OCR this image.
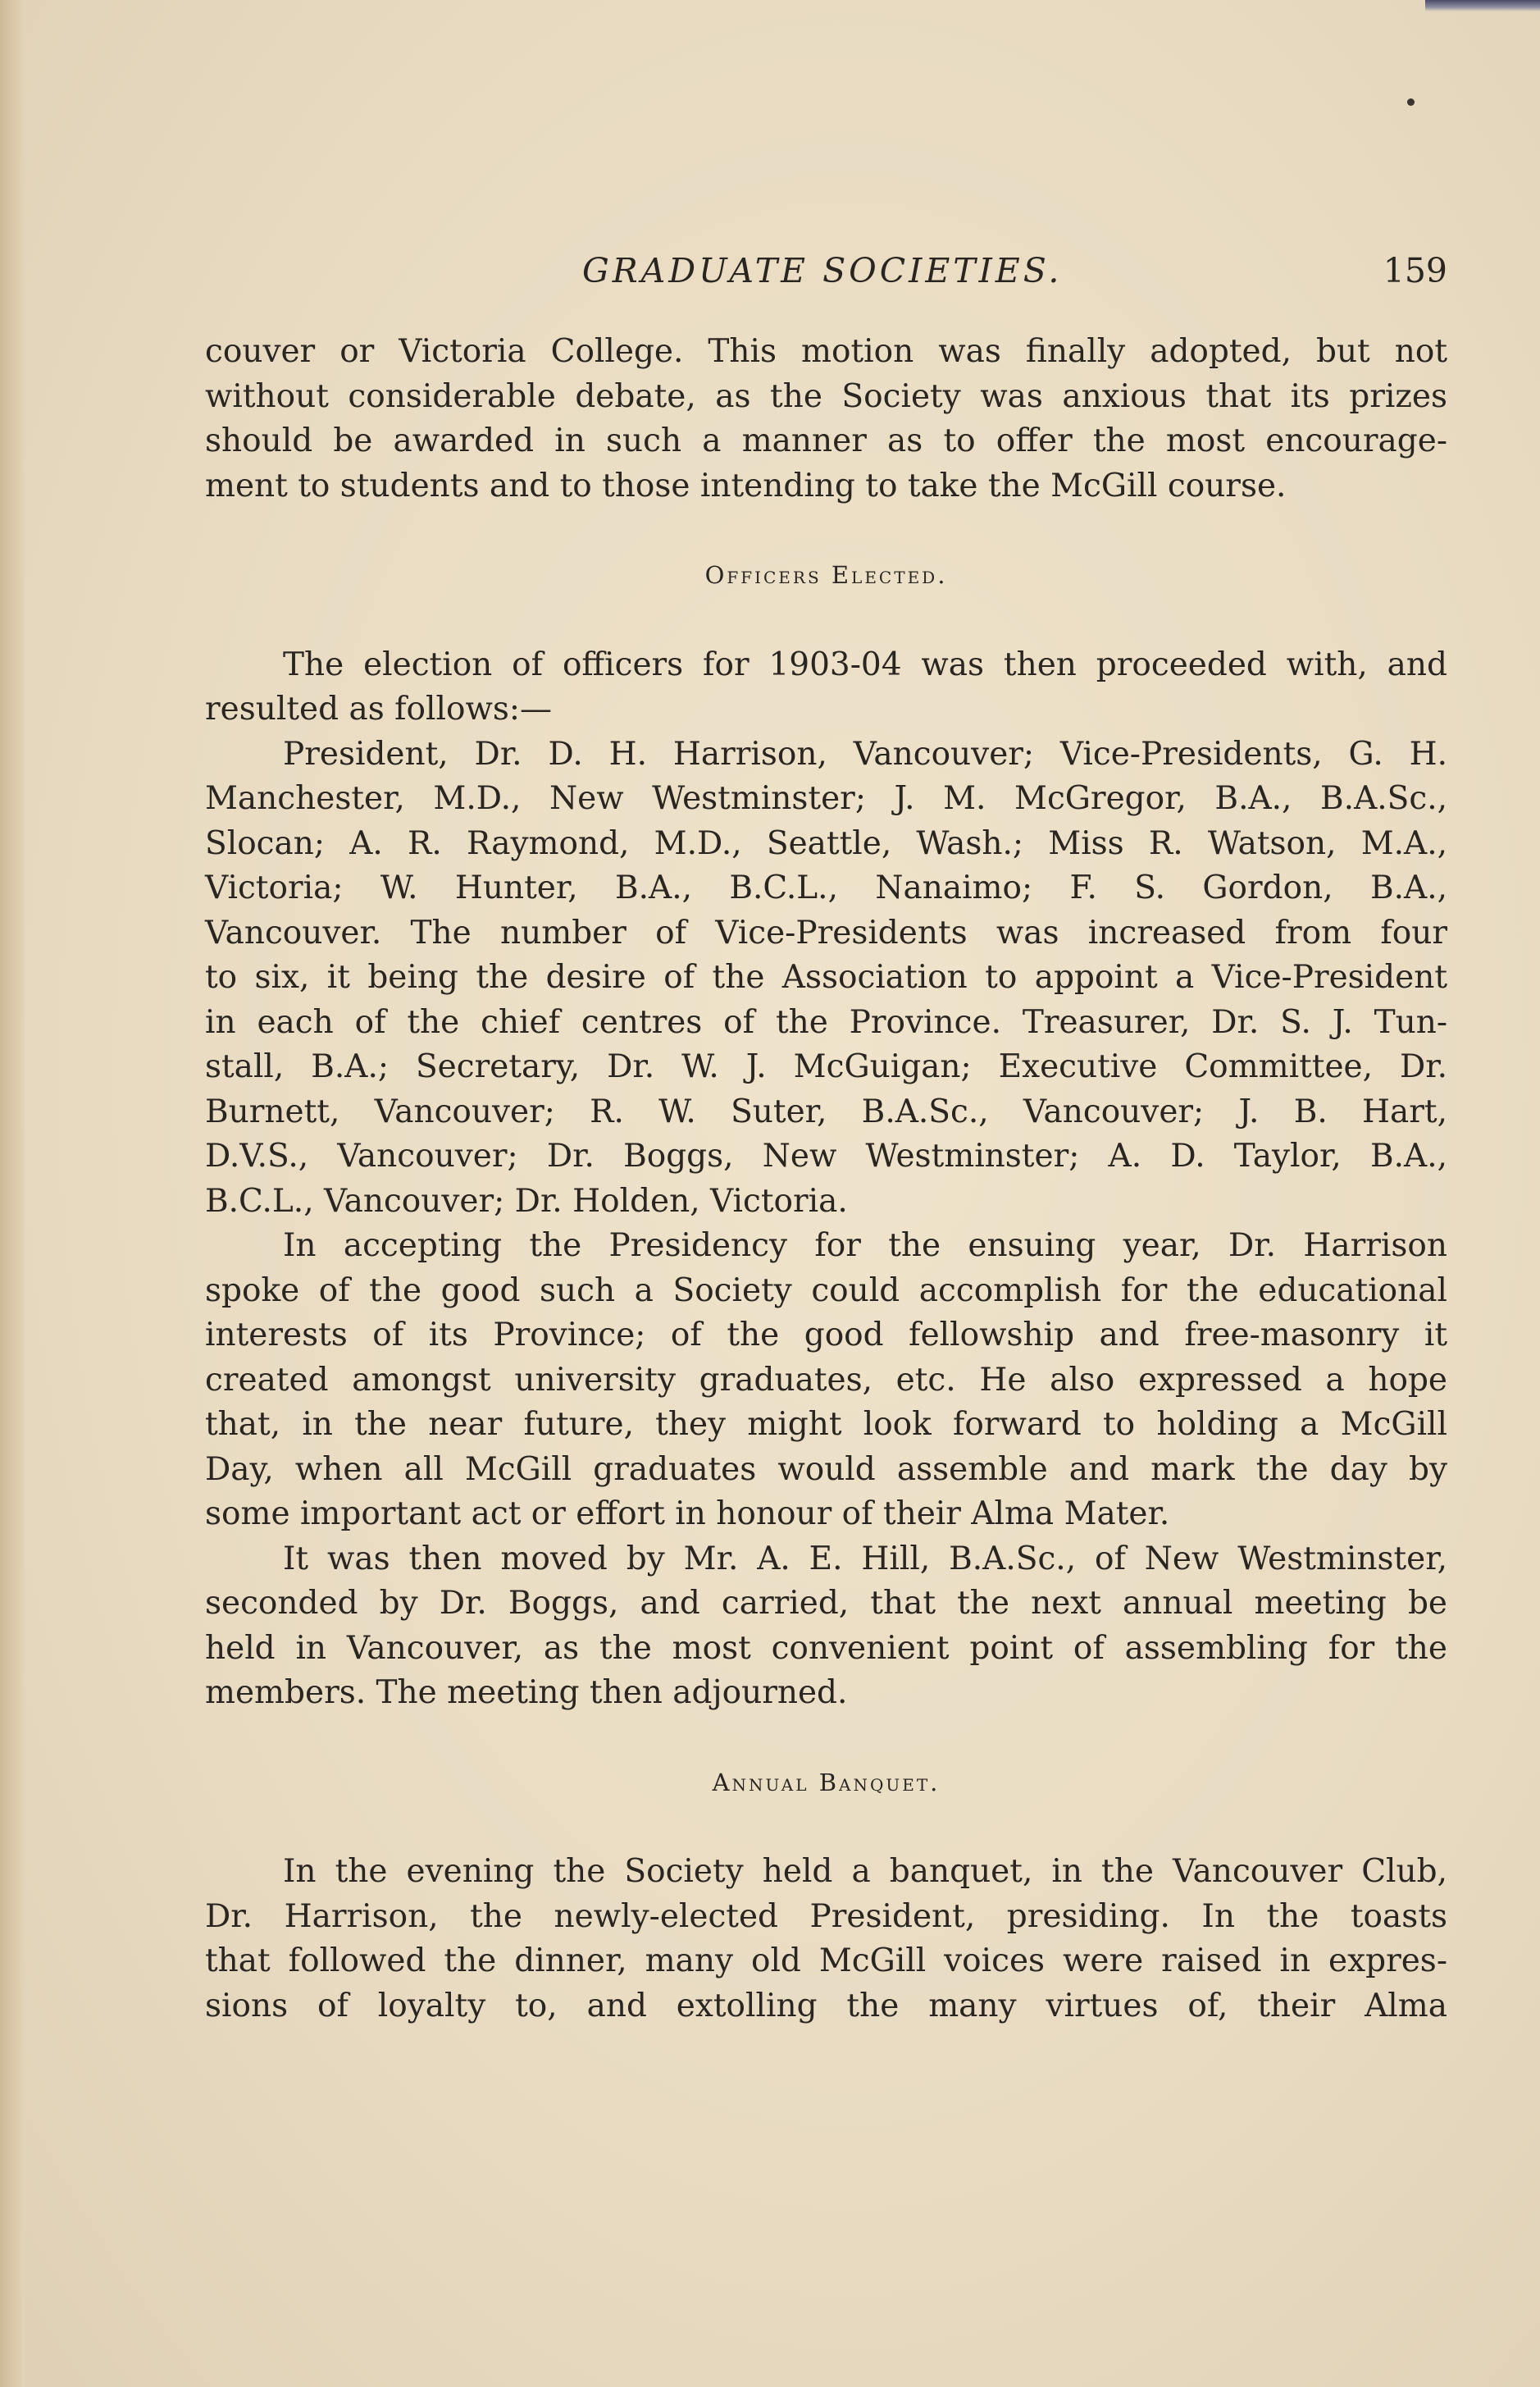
GRADUATE SOCIETIES.	159
couver or Victoria College. This motion was finally adopted, but not
without considerable debate, as the Society was anxious that its prizes
should be awarded in such a manner as to offer the most encourage-
ment to students and to those intending to take the McGill course.
Officers Elected.
The election of officers for 1903-04 was then proceeded with, and
resulted as follows:—
President, Dr. D. H. Harrison, Vancouver; Vice-Presidents, G. H.
Manchester, M.D., New Westminster; J. M. McGregor, B.A., B.A.Sc.,
Slocan; A. R. Raymond, M.D., Seattle, Wash.; Miss R. Watson, M.A.,
Victoria; W. Hunter, B.A., B.C.L., Nanaimo; F. S. Gordon, B.A.,
Vancouver. The number of Vice-Presidents was increased from four
to six, it being the desire of the Association to appoint a Vice-President
in each of the chief centres of the Province. Treasurer, Dr. S. J. Tun-
stall, B.A.; Secretary, Dr. W. J. McGuigan; Executive Committee, Dr.
Burnett, Vancouver; R. W. Suter, B.A.Sc., Vancouver; J. B. Hart,
D.V.S., Vancouver; Dr. Boggs, New Westminster; A. D. Taylor, B.A.,
B.C.L., Vancouver; Dr. Holden, Victoria.
In accepting the Presidency for the ensuing year, Dr. Harrison
spoke of the good such a Society could accomplish for the educational
interests of its Province; of the good fellowship and free-masonry it
created amongst university graduates, etc. He also expressed a hope
that, in the near future, they might look forward to holding a McGill
Day, when all McGill graduates would assemble and mark the day by
some important act or effort in honour of their Alma Mater.
It was then moved by Mr. A. E. Hill, B.A.Sc., of New Westminster,
seconded by Dr. Boggs, and carried, that the next annual meeting be
held in Vancouver, as the most convenient point of assembling for the
members. The meeting then adjourned.
Annual Banquet.
In the evening the Society held a banquet, in the Vancouver Club,
Dr. Harrison, the newly-elected President, presiding. In the toasts
that followed the dinner, many old McGill voices were raised in expres-
sions of loyalty to, and extolling the many virtues of, their Alma
